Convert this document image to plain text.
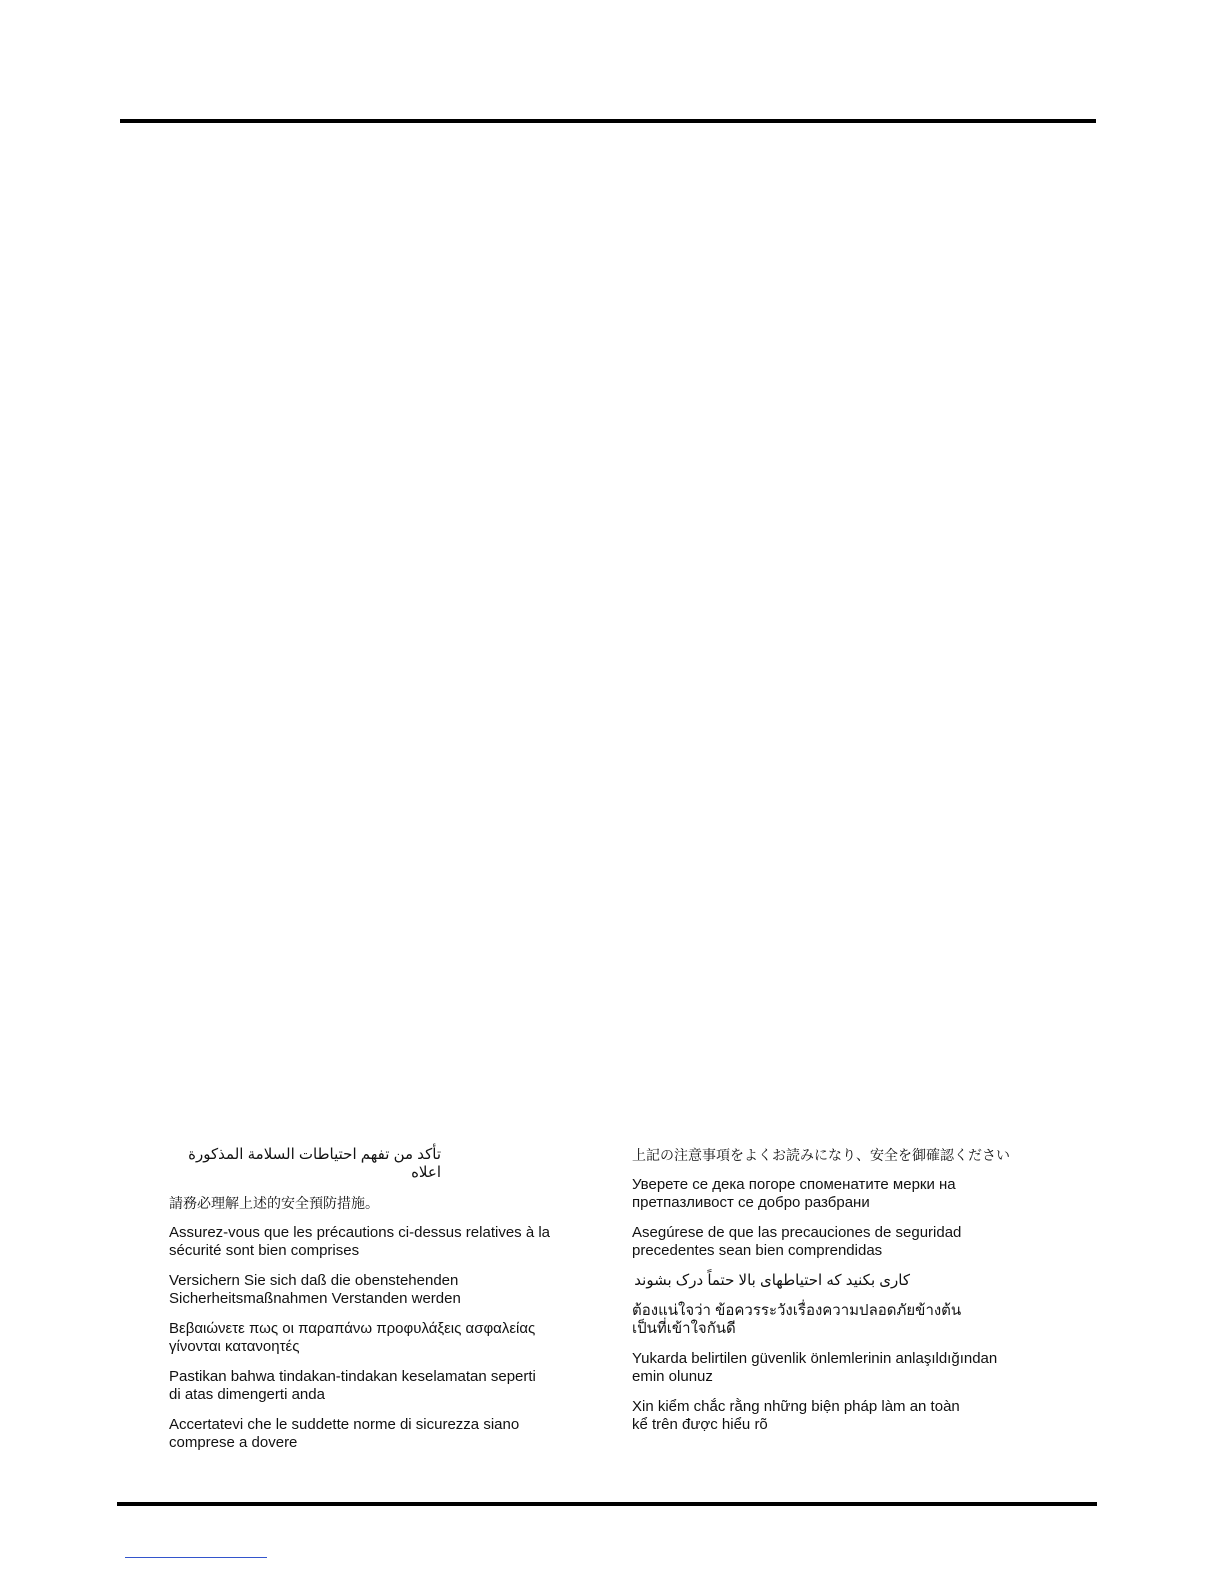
تأكد من تفهم احتياطات السلامة المذكورة اعلاه

請務必理解上述的安全預防措施。

Assurez-vous que les précautions ci-dessus relatives à la
sécurité sont bien comprises

Versichern Sie sich daß die obenstehenden
Sicherheitsmaßnahmen Verstanden werden

Βεβαιώνετε πως οι παραπάνω προφυλάξεις ασφαλείας
γίνονται κατανοητές

Pastikan bahwa tindakan-tindakan keselamatan seperti
di atas dimengerti anda

Accertatevi che le suddette norme di sicurezza siano
comprese a dovere

上記の注意事項をよくお読みになり、安全を御確認ください

Уверете се дека погоре споменатите мерки на
претпазливост се добро разбрани

Asegúrese de que las precauciones de seguridad
precedentes sean bien comprendidas

کاری بکنید که احتیاطهای بالا حتماً درک بشوند

ต้องแน่ใจว่า ข้อควรระวังเรื่องความปลอดภัยข้างต้น
เป็นที่เข้าใจกันดี

Yukarda belirtilen güvenlik önlemlerinin anlaşıldığından
emin olunuz

Xin kiểm chắc rằng những biện pháp làm an toàn
kể trên được hiểu rõ
